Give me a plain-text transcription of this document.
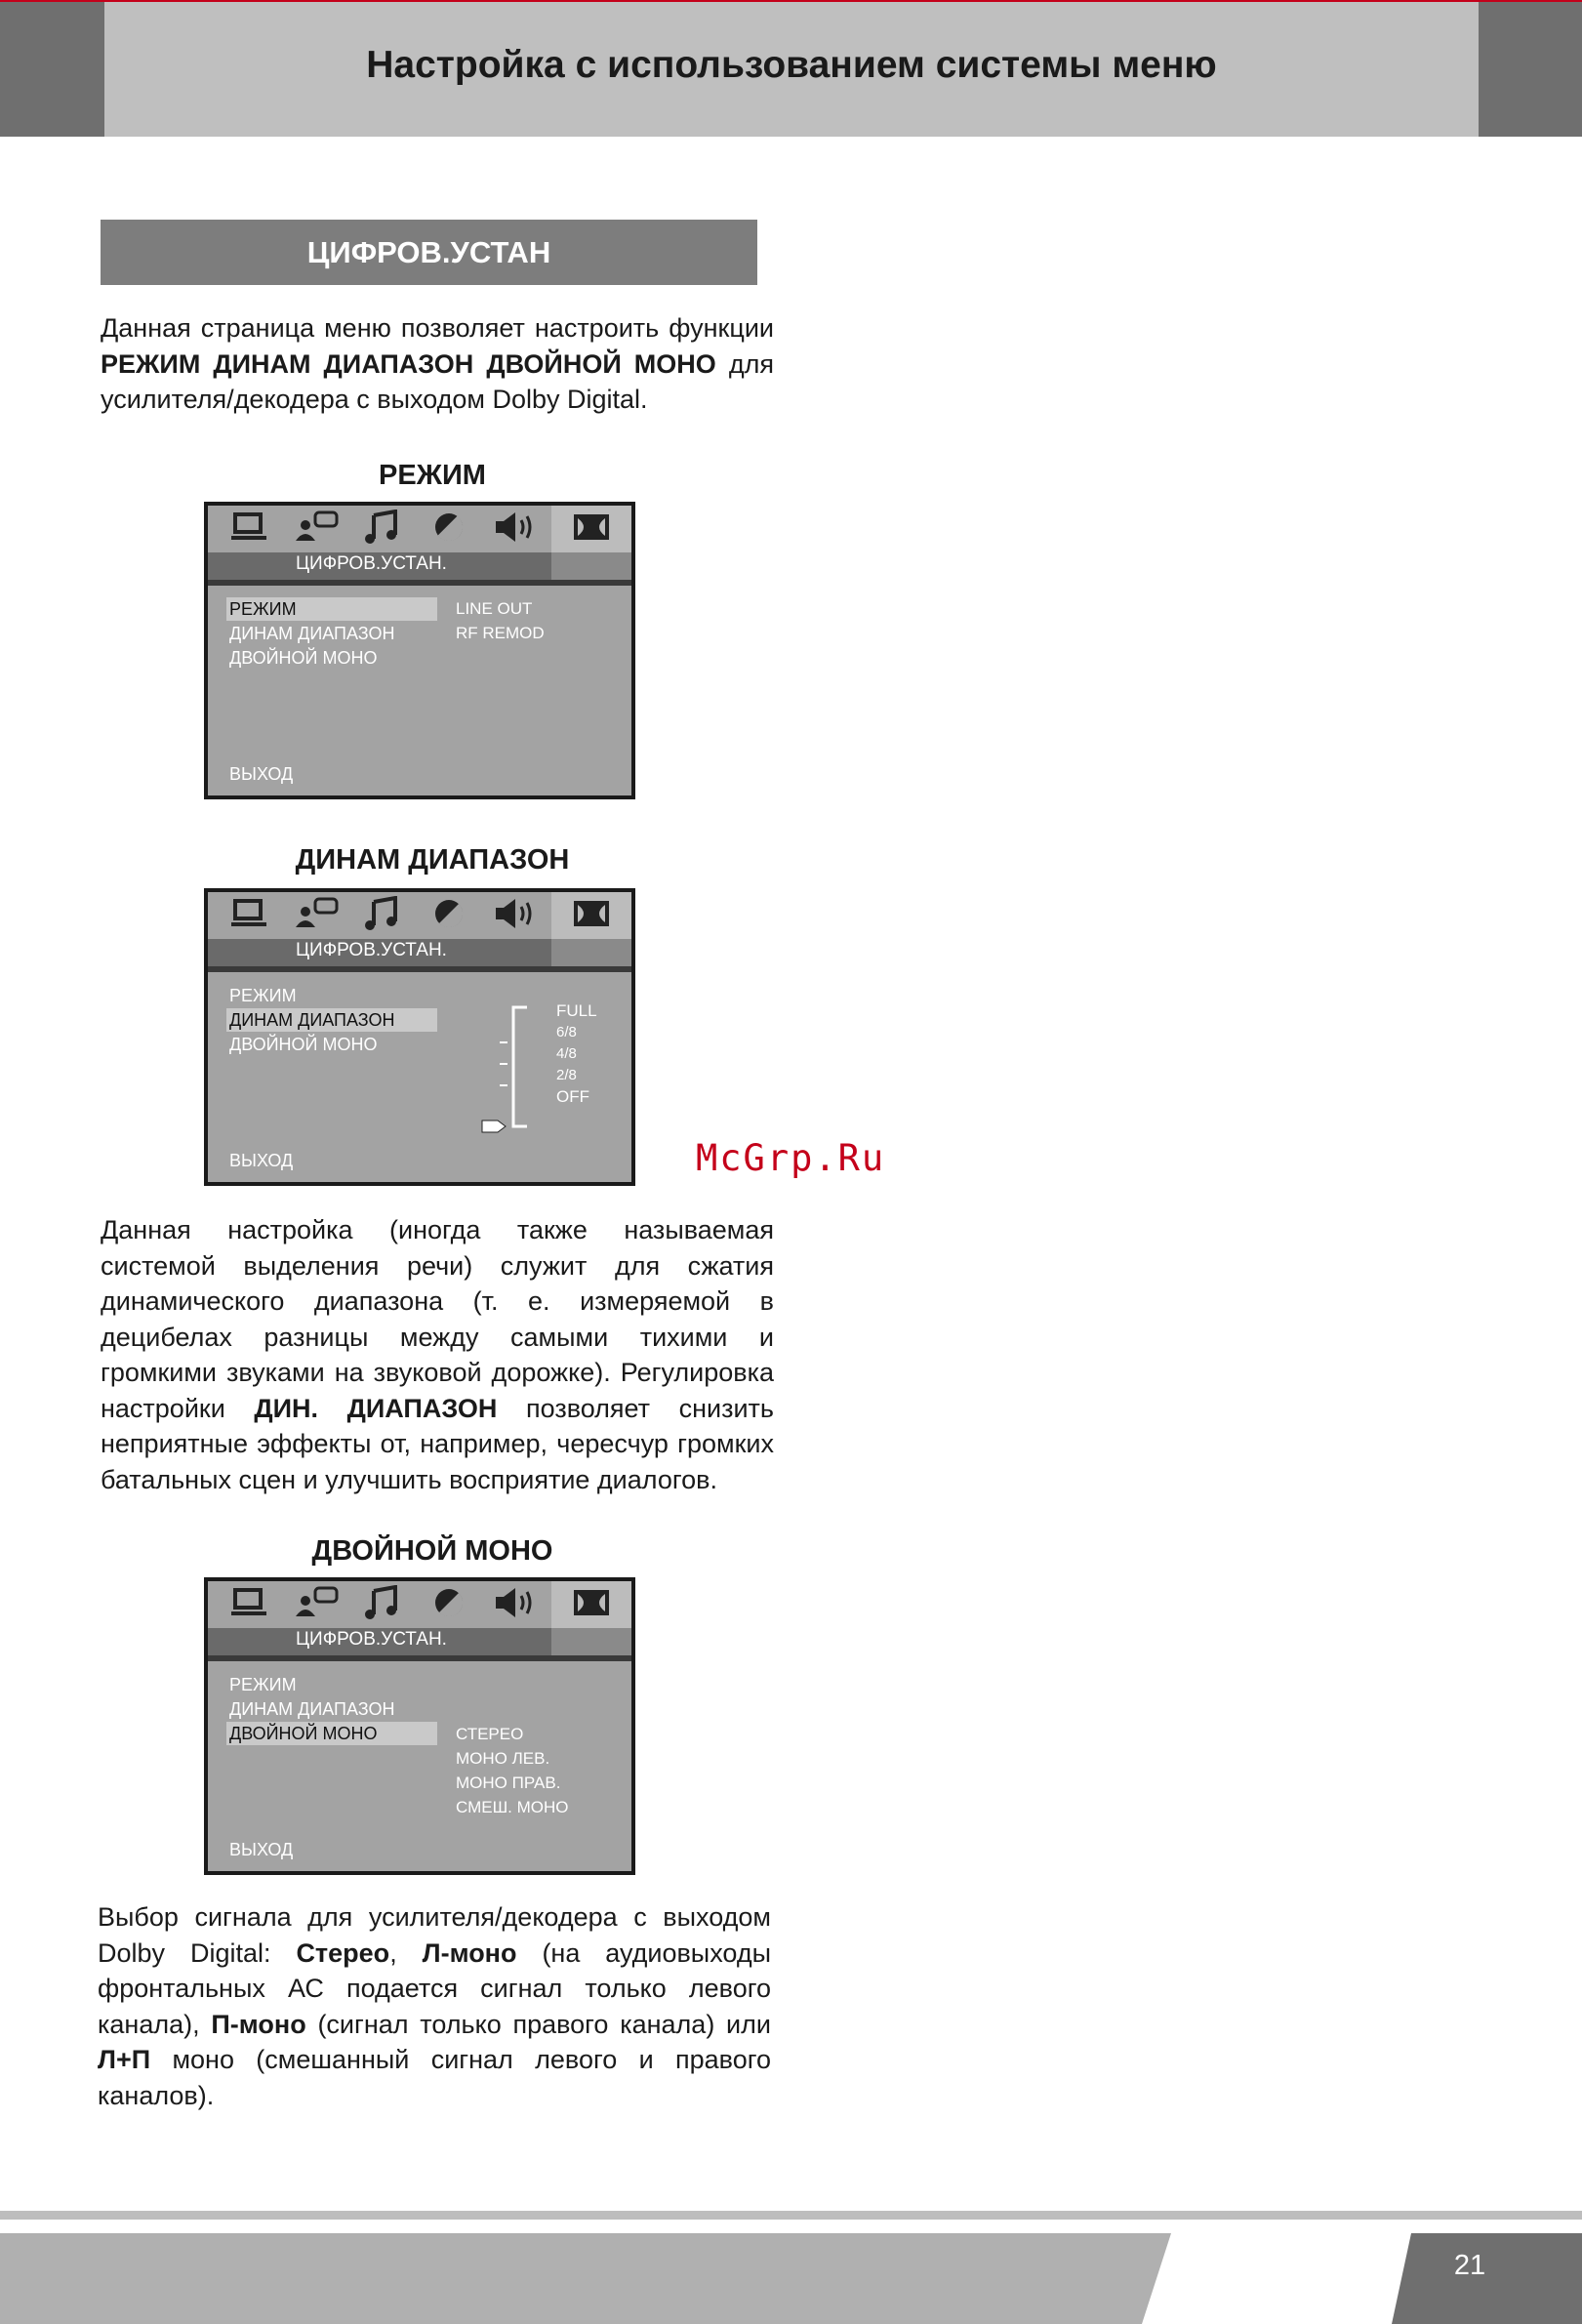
Настройка с использованием системы меню
ЦИФРОВ.УСТАН
Данная страница меню позволяет настроить функции РЕЖИМ ДИНАМ ДИАПАЗОН ДВОЙНОЙ МОНО для усилителя/декодера с выходом Dolby Digital.
РЕЖИМ
ЦИФРОВ.УСТАН.
РЕЖИМ
ДИНАМ ДИАПАЗОН
ДВОЙНОЙ МОНО
LINE OUT
RF REMOD
ВЫХОД
ДИНАМ ДИАПАЗОН
ЦИФРОВ.УСТАН.
РЕЖИМ
ДИНАМ ДИАПАЗОН
ДВОЙНОЙ МОНО
FULL
6/8
4/8
2/8
OFF
ВЫХОД	McGrp.Ru
Данная настройка (иногда также называемая системой выделения речи) служит для сжатия динамического диапазона (т. е. измеряемой в децибелах разницы между самыми тихими и громкими звуками на звуковой дорожке). Регулировка настройки ДИН. ДИАПАЗОН позволяет снизить неприятные эффекты от, например, чересчур громких батальных сцен и улучшить восприятие диалогов.
ДВОЙНОЙ МОНО
ЦИФРОВ.УСТАН.
РЕЖИМ
ДИНАМ ДИАПАЗОН
ДВОЙНОЙ МОНО	СТЕРЕО
МОНО ЛЕВ.
МОНО ПРАВ.
СМЕШ. МОНО
ВЫХОД
Выбор сигнала для усилителя/декодера с выходом Dolby Digital: Стерео, Л-моно (на аудиовыходы фронтальных АС подается сигнал только левого канала), П-моно (сигнал только правого канала) или Л+П моно (смешанный сигнал левого и правого каналов).
21
